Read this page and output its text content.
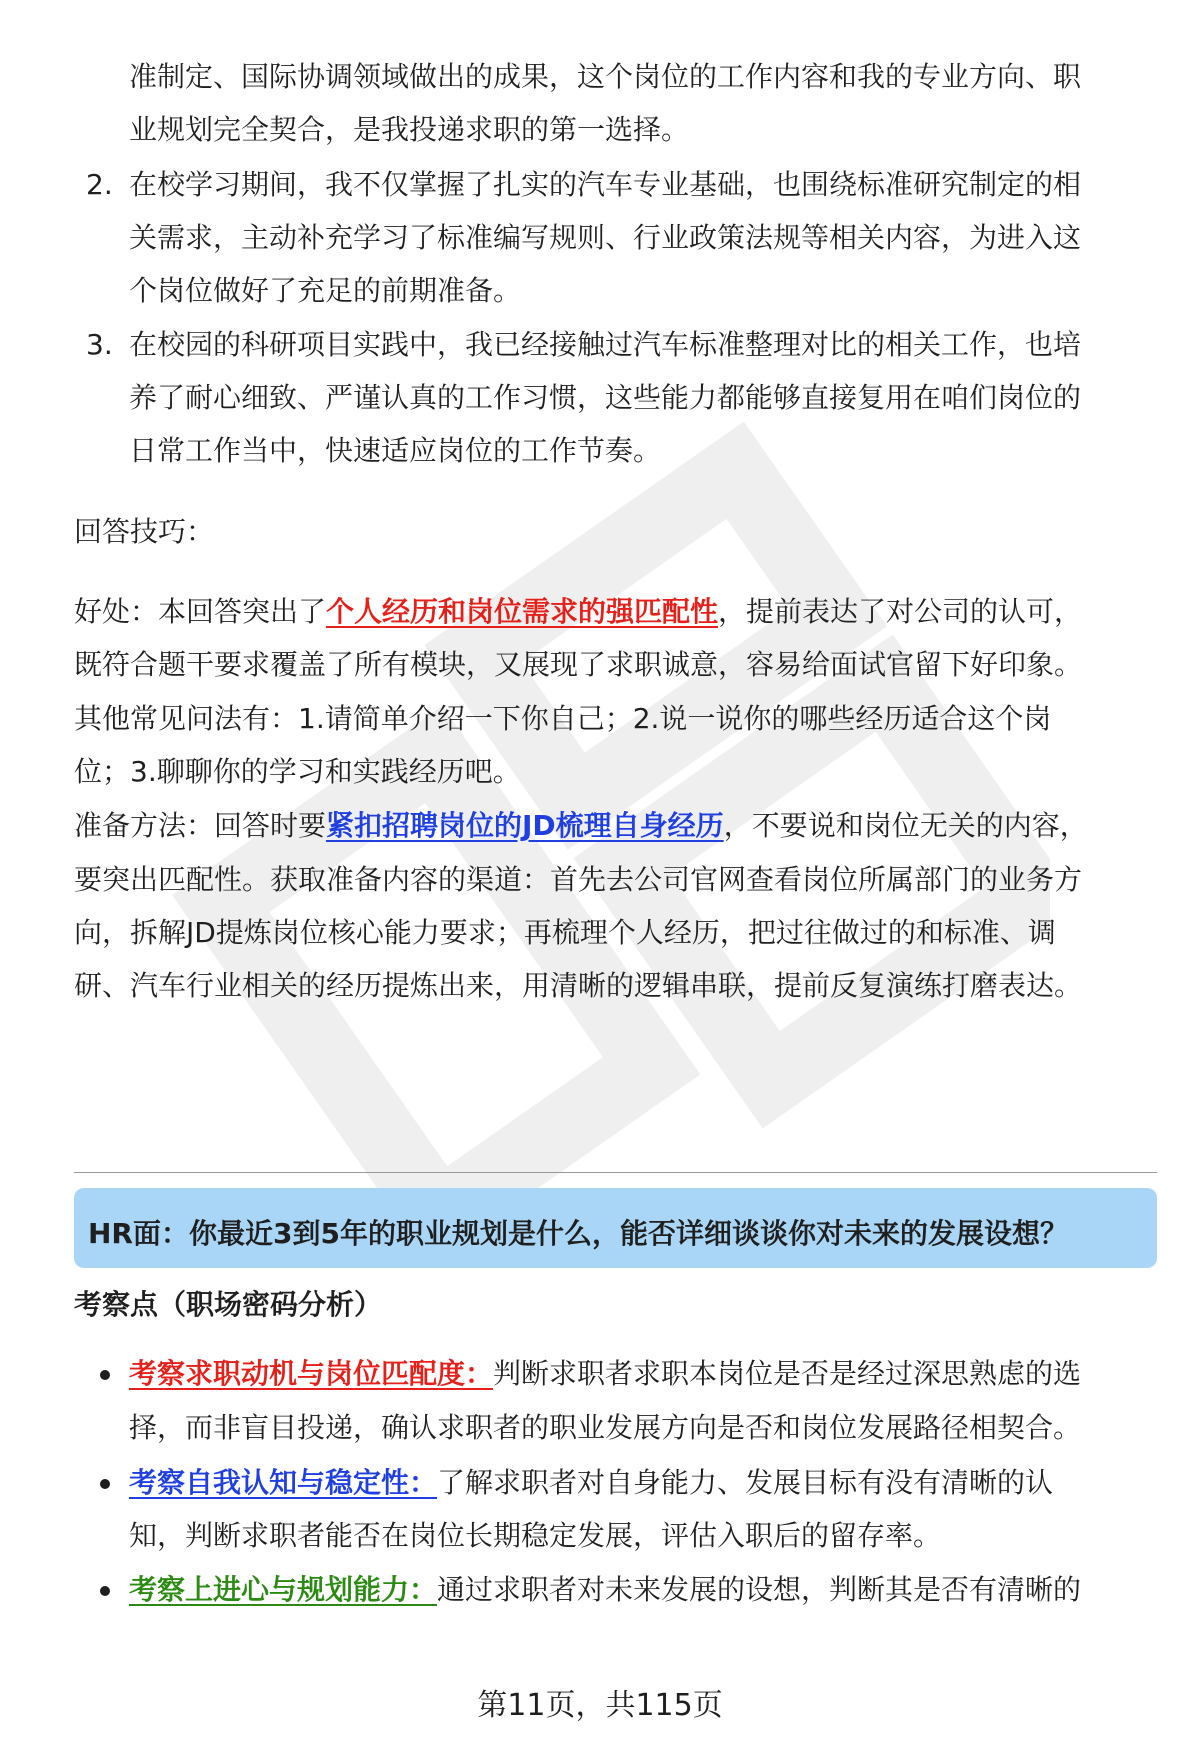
准制定、国际协调领域做出的成果，这个岗位的工作内容和我的专业方向、职
业规划完全契合，是我投递求职的第一选择。
2. 在校学习期间，我不仅掌握了扎实的汽车专业基础，也围绕标准研究制定的相
关需求，主动补充学习了标准编写规则、行业政策法规等相关内容，为进入这
个岗位做好了充足的前期准备。
3. 在校园的科研项目实践中，我已经接触过汽车标准整理对比的相关工作，也培
养了耐心细致、严谨认真的工作习惯，这些能力都能够直接复用在咱们岗位的
日常工作当中，快速适应岗位的工作节奏。
回答技巧：
好处：本回答突出了个人经历和岗位需求的强匹配性，提前表达了对公司的认可，
既符合题干要求覆盖了所有模块，又展现了求职诚意，容易给面试官留下好印象。
其他常见问法有：1.请简单介绍一下你自己；2.说一说你的哪些经历适合这个岗
位；3.聊聊你的学习和实践经历吧。
准备方法：回答时要紧扣招聘岗位的JD梳理自身经历，不要说和岗位无关的内容，
要突出匹配性。获取准备内容的渠道：首先去公司官网查看岗位所属部门的业务方
向，拆解JD提炼岗位核心能力要求；再梳理个人经历，把过往做过的和标准、调
研、汽车行业相关的经历提炼出来，用清晰的逻辑串联，提前反复演练打磨表达。
HR面：你最近3到5年的职业规划是什么，能否详细谈谈你对未来的发展设想？
考察点（职场密码分析）
考察求职动机与岗位匹配度：判断求职者求职本岗位是否是经过深思熟虑的选
择，而非盲目投递，确认求职者的职业发展方向是否和岗位发展路径相契合。
考察自我认知与稳定性：了解求职者对自身能力、发展目标有没有清晰的认
知，判断求职者能否在岗位长期稳定发展，评估入职后的留存率。
考察上进心与规划能力：通过求职者对未来发展的设想，判断其是否有清晰的
第11页，共115页
